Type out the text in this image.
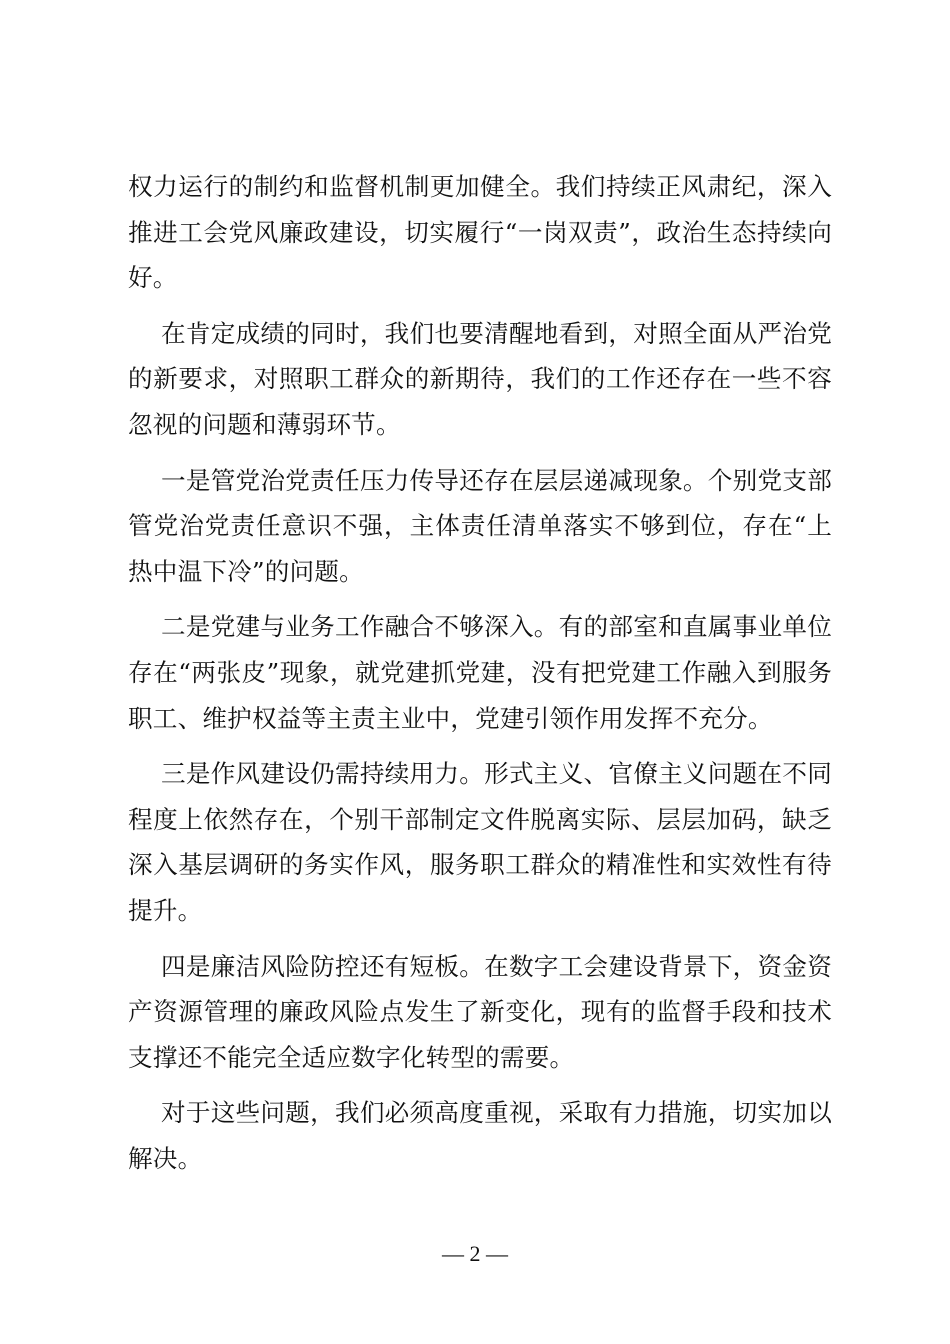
权力运行的制约和监督机制更加健全。我们持续正风肃纪，深入推进工会党风廉政建设，切实履行“一岗双责”，政治生态持续向好。

在肯定成绩的同时，我们也要清醒地看到，对照全面从严治党的新要求，对照职工群众的新期待，我们的工作还存在一些不容忽视的问题和薄弱环节。

一是管党治党责任压力传导还存在层层递减现象。个别党支部管党治党责任意识不强，主体责任清单落实不够到位，存在“上热中温下冷”的问题。

二是党建与业务工作融合不够深入。有的部室和直属事业单位存在“两张皮”现象，就党建抓党建，没有把党建工作融入到服务职工、维护权益等主责主业中，党建引领作用发挥不充分。

三是作风建设仍需持续用力。形式主义、官僚主义问题在不同程度上依然存在，个别干部制定文件脱离实际、层层加码，缺乏深入基层调研的务实作风，服务职工群众的精准性和实效性有待提升。

四是廉洁风险防控还有短板。在数字工会建设背景下，资金资产资源管理的廉政风险点发生了新变化，现有的监督手段和技术支撑还不能完全适应数字化转型的需要。

对于这些问题，我们必须高度重视，采取有力措施，切实加以解决。

— 2 —
